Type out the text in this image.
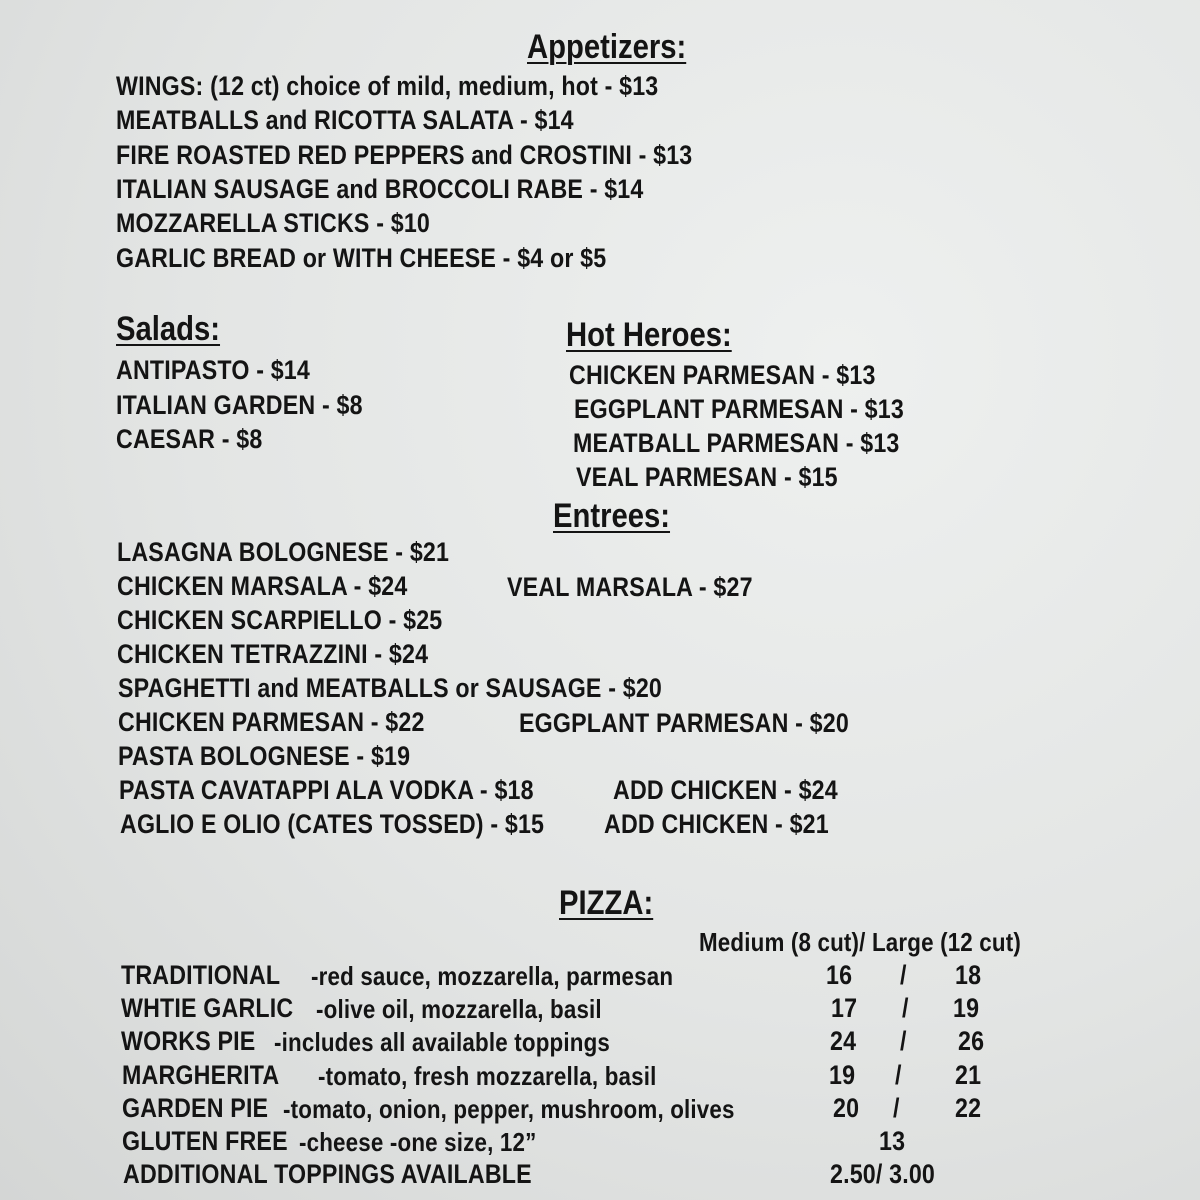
Appetizers:
WINGS: (12 ct) choice of mild, medium, hot - $13
MEATBALLS and RICOTTA SALATA - $14
FIRE ROASTED RED PEPPERS and CROSTINI - $13
ITALIAN SAUSAGE and BROCCOLI RABE - $14
MOZZARELLA STICKS - $10
GARLIC BREAD or WITH CHEESE - $4 or $5
Salads:
ANTIPASTO - $14
ITALIAN GARDEN - $8
CAESAR - $8
Hot Heroes:
CHICKEN PARMESAN - $13
EGGPLANT PARMESAN - $13
MEATBALL PARMESAN - $13
VEAL PARMESAN - $15
Entrees:
LASAGNA BOLOGNESE - $21
CHICKEN MARSALA - $24	VEAL MARSALA - $27
CHICKEN SCARPIELLO - $25
CHICKEN TETRAZZINI - $24
SPAGHETTI and MEATBALLS or SAUSAGE - $20
CHICKEN PARMESAN - $22	EGGPLANT PARMESAN - $20
PASTA BOLOGNESE - $19
PASTA CAVATAPPI ALA VODKA - $18	ADD CHICKEN - $24
AGLIO E OLIO (CATES TOSSED) - $15 ADD CHICKEN - $21
PIZZA:
Medium (8 cut)/ Large (12 cut)
TRADITIONAL -red sauce, mozzarella, parmesan	16 / 18
WHTIE GARLIC -olive oil, mozzarella, basil	17 / 19
WORKS PIE -includes all available toppings	24 / 26
MARGHERITA -tomato, fresh mozzarella, basil	19 / 21
GARDEN PIE -tomato, onion, pepper, mushroom, olives	20 / 22
GLUTEN FREE -cheese -one size, 12”	13
ADDITIONAL TOPPINGS AVAILABLE	2.50/ 3.00
